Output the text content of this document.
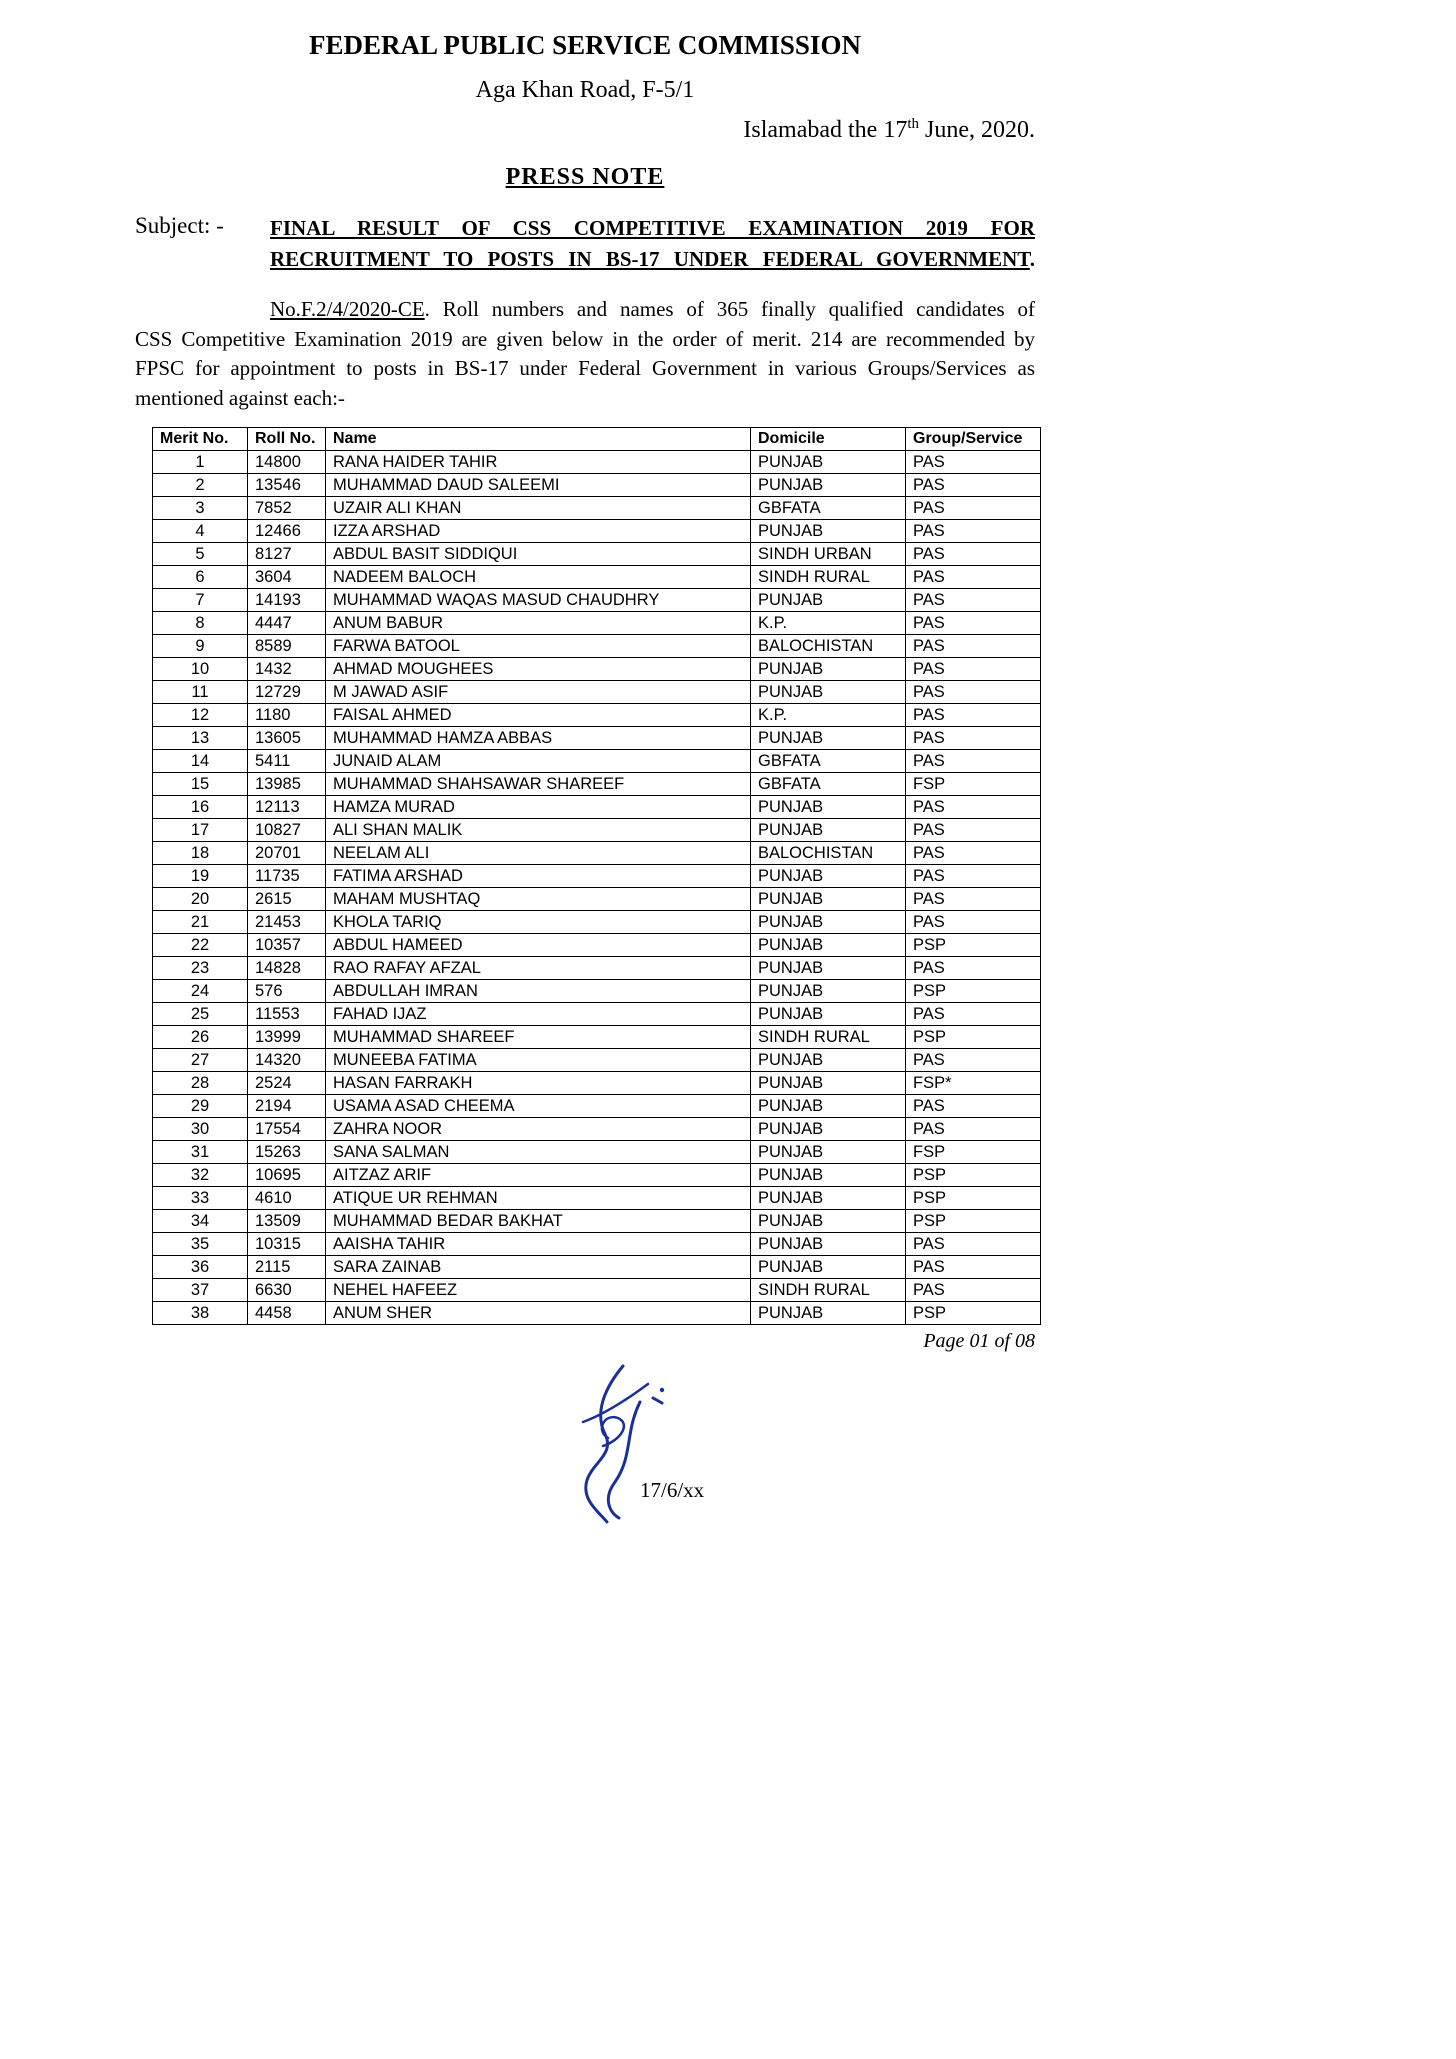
FEDERAL PUBLIC SERVICE COMMISSION
Aga Khan Road, F-5/1
Islamabad the 17th June, 2020.
PRESS NOTE
Subject: -	FINAL RESULT OF CSS COMPETITIVE EXAMINATION 2019 FOR
RECRUITMENT TO POSTS IN BS-17 UNDER FEDERAL GOVERNMENT.
No.F.2/4/2020-CE. Roll numbers and names of 365 finally qualified candidates of
CSS Competitive Examination 2019 are given below in the order of merit. 214 are recommended by
FPSC for appointment to posts in BS-17 under Federal Government in various Groups/Services as
mentioned against each:-
Merit No.	Roll No.	Name	Domicile	Group/Service
1	14800	RANA HAIDER TAHIR	PUNJAB	PAS
2	13546	MUHAMMAD DAUD SALEEMI	PUNJAB	PAS
3	7852	UZAIR ALI KHAN	GBFATA	PAS
4	12466	IZZA ARSHAD	PUNJAB	PAS
5	8127	ABDUL BASIT SIDDIQUI	SINDH URBAN	PAS
6	3604	NADEEM BALOCH	SINDH RURAL	PAS
7	14193	MUHAMMAD WAQAS MASUD CHAUDHRY	PUNJAB	PAS
8	4447	ANUM BABUR	K.P.	PAS
9	8589	FARWA BATOOL	BALOCHISTAN	PAS
10	1432	AHMAD MOUGHEES	PUNJAB	PAS
11	12729	M JAWAD ASIF	PUNJAB	PAS
12	1180	FAISAL AHMED	K.P.	PAS
13	13605	MUHAMMAD HAMZA ABBAS	PUNJAB	PAS
14	5411	JUNAID ALAM	GBFATA	PAS
15	13985	MUHAMMAD SHAHSAWAR SHAREEF	GBFATA	FSP
16	12113	HAMZA MURAD	PUNJAB	PAS
17	10827	ALI SHAN MALIK	PUNJAB	PAS
18	20701	NEELAM ALI	BALOCHISTAN	PAS
19	11735	FATIMA ARSHAD	PUNJAB	PAS
20	2615	MAHAM MUSHTAQ	PUNJAB	PAS
21	21453	KHOLA TARIQ	PUNJAB	PAS
22	10357	ABDUL HAMEED	PUNJAB	PSP
23	14828	RAO RAFAY AFZAL	PUNJAB	PAS
24	576	ABDULLAH IMRAN	PUNJAB	PSP
25	11553	FAHAD IJAZ	PUNJAB	PAS
26	13999	MUHAMMAD SHAREEF	SINDH RURAL	PSP
27	14320	MUNEEBA FATIMA	PUNJAB	PAS
28	2524	HASAN FARRAKH	PUNJAB	FSP*
29	2194	USAMA ASAD CHEEMA	PUNJAB	PAS
30	17554	ZAHRA NOOR	PUNJAB	PAS
31	15263	SANA SALMAN	PUNJAB	FSP
32	10695	AITZAZ ARIF	PUNJAB	PSP
33	4610	ATIQUE UR REHMAN	PUNJAB	PSP
34	13509	MUHAMMAD BEDAR BAKHAT	PUNJAB	PSP
35	10315	AAISHA TAHIR	PUNJAB	PAS
36	2115	SARA ZAINAB	PUNJAB	PAS
37	6630	NEHEL HAFEEZ	SINDH RURAL	PAS
38	4458	ANUM SHER	PUNJAB	PSP
Page 01 of 08
17/6/xx
